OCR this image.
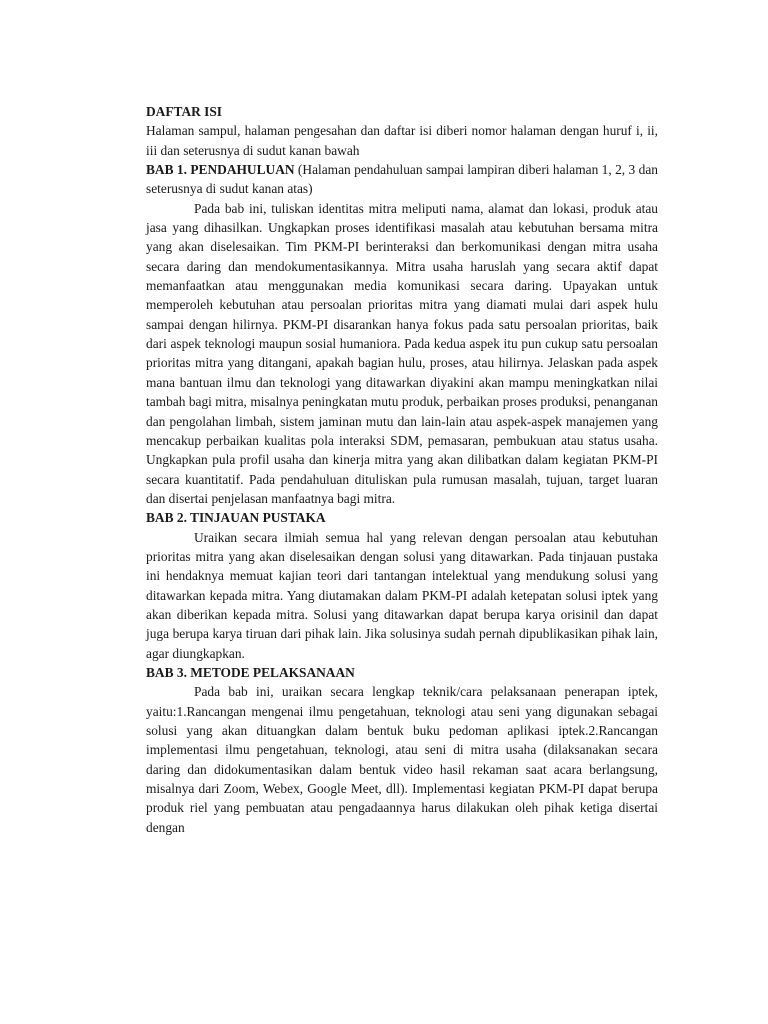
DAFTAR ISI

Halaman sampul, halaman pengesahan dan daftar isi diberi nomor halaman dengan huruf i, ii, iii dan seterusnya di sudut kanan bawah

BAB 1. PENDAHULUAN (Halaman pendahuluan sampai lampiran diberi halaman 1, 2, 3 dan seterusnya di sudut kanan atas)

Pada bab ini, tuliskan identitas mitra meliputi nama, alamat dan lokasi, produk atau jasa yang dihasilkan. Ungkapkan proses identifikasi masalah atau kebutuhan bersama mitra yang akan diselesaikan. Tim PKM-PI berinteraksi dan berkomunikasi dengan mitra usaha secara daring dan mendokumentasikannya. Mitra usaha haruslah yang secara aktif dapat memanfaatkan atau menggunakan media komunikasi secara daring. Upayakan untuk memperoleh kebutuhan atau persoalan prioritas mitra yang diamati mulai dari aspek hulu sampai dengan hilirnya. PKM-PI disarankan hanya fokus pada satu persoalan prioritas, baik dari aspek teknologi maupun sosial humaniora. Pada kedua aspek itu pun cukup satu persoalan prioritas mitra yang ditangani, apakah bagian hulu, proses, atau hilirnya. Jelaskan pada aspek mana bantuan ilmu dan teknologi yang ditawarkan diyakini akan mampu meningkatkan nilai tambah bagi mitra, misalnya peningkatan mutu produk, perbaikan proses produksi, penanganan dan pengolahan limbah, sistem jaminan mutu dan lain-lain atau aspek-aspek manajemen yang mencakup perbaikan kualitas pola interaksi SDM, pemasaran, pembukuan atau status usaha. Ungkapkan pula profil usaha dan kinerja mitra yang akan dilibatkan dalam kegiatan PKM-PI secara kuantitatif. Pada pendahuluan dituliskan pula rumusan masalah, tujuan, target luaran dan disertai penjelasan manfaatnya bagi mitra.

BAB 2. TINJAUAN PUSTAKA

Uraikan secara ilmiah semua hal yang relevan dengan persoalan atau kebutuhan prioritas mitra yang akan diselesaikan dengan solusi yang ditawarkan. Pada tinjauan pustaka ini hendaknya memuat kajian teori dari tantangan intelektual yang mendukung solusi yang ditawarkan kepada mitra. Yang diutamakan dalam PKM-PI adalah ketepatan solusi iptek yang akan diberikan kepada mitra. Solusi yang ditawarkan dapat berupa karya orisinil dan dapat juga berupa karya tiruan dari pihak lain. Jika solusinya sudah pernah dipublikasikan pihak lain, agar diungkapkan.

BAB 3. METODE PELAKSANAAN

Pada bab ini, uraikan secara lengkap teknik/cara pelaksanaan penerapan iptek, yaitu:1.Rancangan mengenai ilmu pengetahuan, teknologi atau seni yang digunakan sebagai solusi yang akan dituangkan dalam bentuk buku pedoman aplikasi iptek.2.Rancangan implementasi ilmu pengetahuan, teknologi, atau seni di mitra usaha (dilaksanakan secara daring dan didokumentasikan dalam bentuk video hasil rekaman saat acara berlangsung, misalnya dari Zoom, Webex, Google Meet, dll). Implementasi kegiatan PKM-PI dapat berupa produk riel yang pembuatan atau pengadaannya harus dilakukan oleh pihak ketiga disertai dengan
